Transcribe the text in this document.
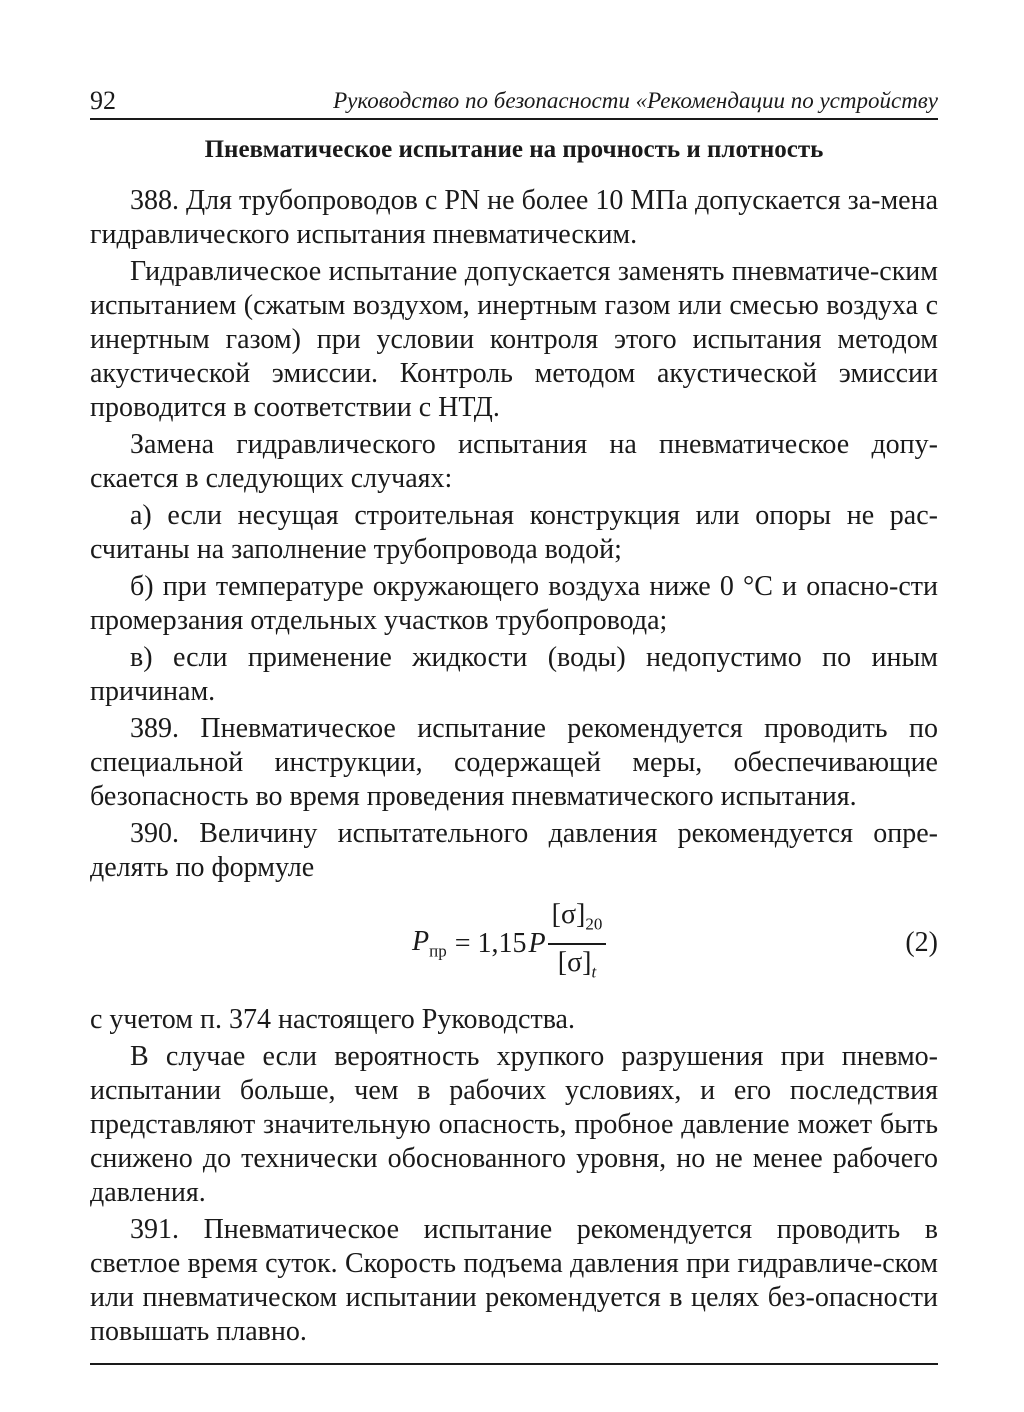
92	Руководство по безопасности «Рекомендации по устройству
Пневматическое испытание на прочность и плотность

388. Для трубопроводов с PN не более 10 МПа допускается за-мена гидравлического испытания пневматическим.

Гидравлическое испытание допускается заменять пневматиче-ским испытанием (сжатым воздухом, инертным газом или смесью воздуха с инертным газом) при условии контроля этого испытания методом акустической эмиссии. Контроль методом акустической эмиссии проводится в соответствии с НТД.

Замена гидравлического испытания на пневматическое допу-скается в следующих случаях:

а) если несущая строительная конструкция или опоры не рас-считаны на заполнение трубопровода водой;

б) при температуре окружающего воздуха ниже 0 °С и опасно-сти промерзания отдельных участков трубопровода;

в) если применение жидкости (воды) недопустимо по иным причинам.

389. Пневматическое испытание рекомендуется проводить по специальной инструкции, содержащей меры, обеспечивающие безопасность во время проведения пневматического испытания.

390. Величину испытательного давления рекомендуется опре-делять по формуле

$P_{пр} = 1,15$ P $\frac{[\sigma]_{20}}{[\sigma]_t}$	(2)

с учетом п. 374 настоящего Руководства.

В случае если вероятность хрупкого разрушения при пневмо-испытании больше, чем в рабочих условиях, и его последствия представляют значительную опасность, пробное давление может быть снижено до технически обоснованного уровня, но не менее рабочего давления.

391. Пневматическое испытание рекомендуется проводить в светлое время суток. Скорость подъема давления при гидравличе-ском или пневматическом испытании рекомендуется в целях без-опасности повышать плавно.
